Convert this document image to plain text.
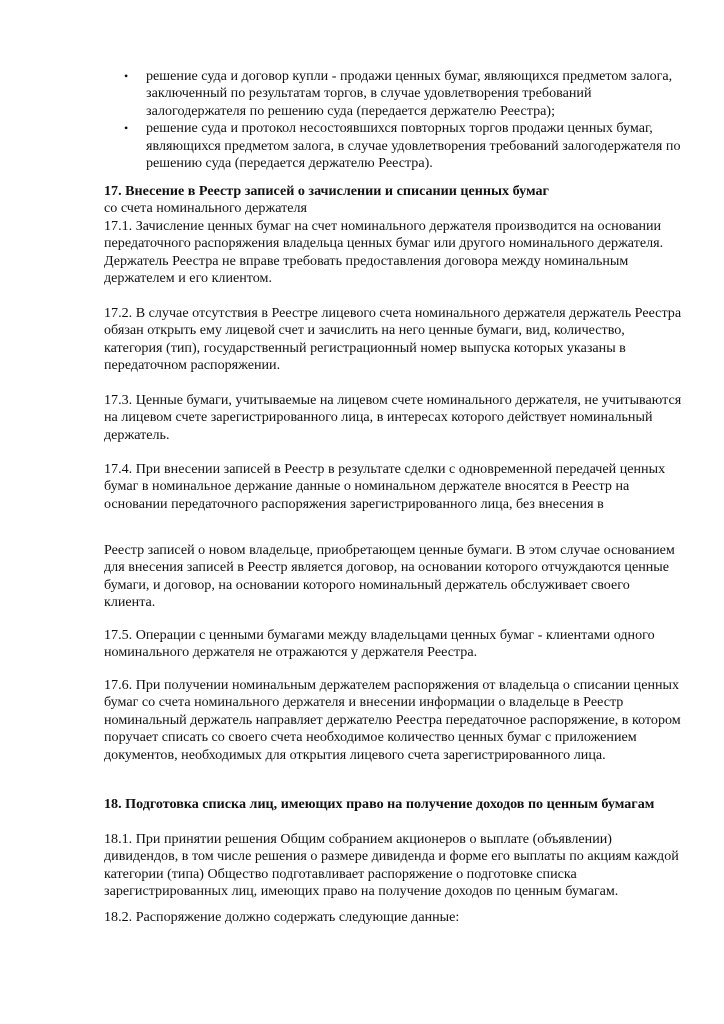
• решение суда и договор купли - продажи ценных бумаг, являющихся предметом залога, заключенный по результатам торгов, в случае удовлетворения требований залогодержателя по решению суда (передается держателю Реестра);
• решение суда и протокол несостоявшихся повторных торгов продажи ценных бумаг, являющихся предметом залога, в случае удовлетворения требований залогодержателя по решению суда (передается держателю Реестра).
17. Внесение в Реестр записей о зачислении и списании ценных бумаг
со счета номинального держателя

17.1. Зачисление ценных бумаг на счет номинального держателя производится на основании передаточного распоряжения владельца ценных бумаг или другого номинального держателя. Держатель Реестра не вправе требовать предоставления договора между номинальным держателем и его клиентом.

17.2. В случае отсутствия в Реестре лицевого счета номинального держателя держатель Реестра обязан открыть ему лицевой счет и зачислить на него ценные бумаги, вид, количество, категория (тип), государственный регистрационный номер выпуска которых указаны в передаточном распоряжении.

17.3. Ценные бумаги, учитываемые на лицевом счете номинального держателя, не учитываются на лицевом счете зарегистрированного лица, в интересах которого действует номинальный держатель.

17.4. При внесении записей в Реестр в результате сделки с одновременной передачей ценных бумаг в номинальное держание данные о номинальном держателе вносятся в Реестр на основании передаточного распоряжения зарегистрированного лица, без внесения в

Реестр записей о новом владельце, приобретающем ценные бумаги. В этом случае основанием для внесения записей в Реестр является договор, на основании которого отчуждаются ценные бумаги, и договор, на основании которого номинальный держатель обслуживает своего клиента.

17.5. Операции с ценными бумагами между владельцами ценных бумаг - клиентами одного номинального держателя не отражаются у держателя Реестра.

17.6. При получении номинальным держателем распоряжения от владельца о списании ценных бумаг со счета номинального держателя и внесении информации о владельце в Реестр номинальный держатель направляет держателю Реестра передаточное распоряжение, в котором поручает списать со своего счета необходимое количество ценных бумаг с приложением документов, необходимых для открытия лицевого счета зарегистрированного лица.

18. Подготовка списка лиц, имеющих право на получение доходов по ценным бумагам

18.1. При принятии решения Общим собранием акционеров о выплате (объявлении) дивидендов, в том числе решения о размере дивиденда и форме его выплаты по акциям каждой категории (типа) Общество подготавливает распоряжение о подготовке списка зарегистрированных лиц, имеющих право на получение доходов по ценным бумагам.

18.2. Распоряжение должно содержать следующие данные:
